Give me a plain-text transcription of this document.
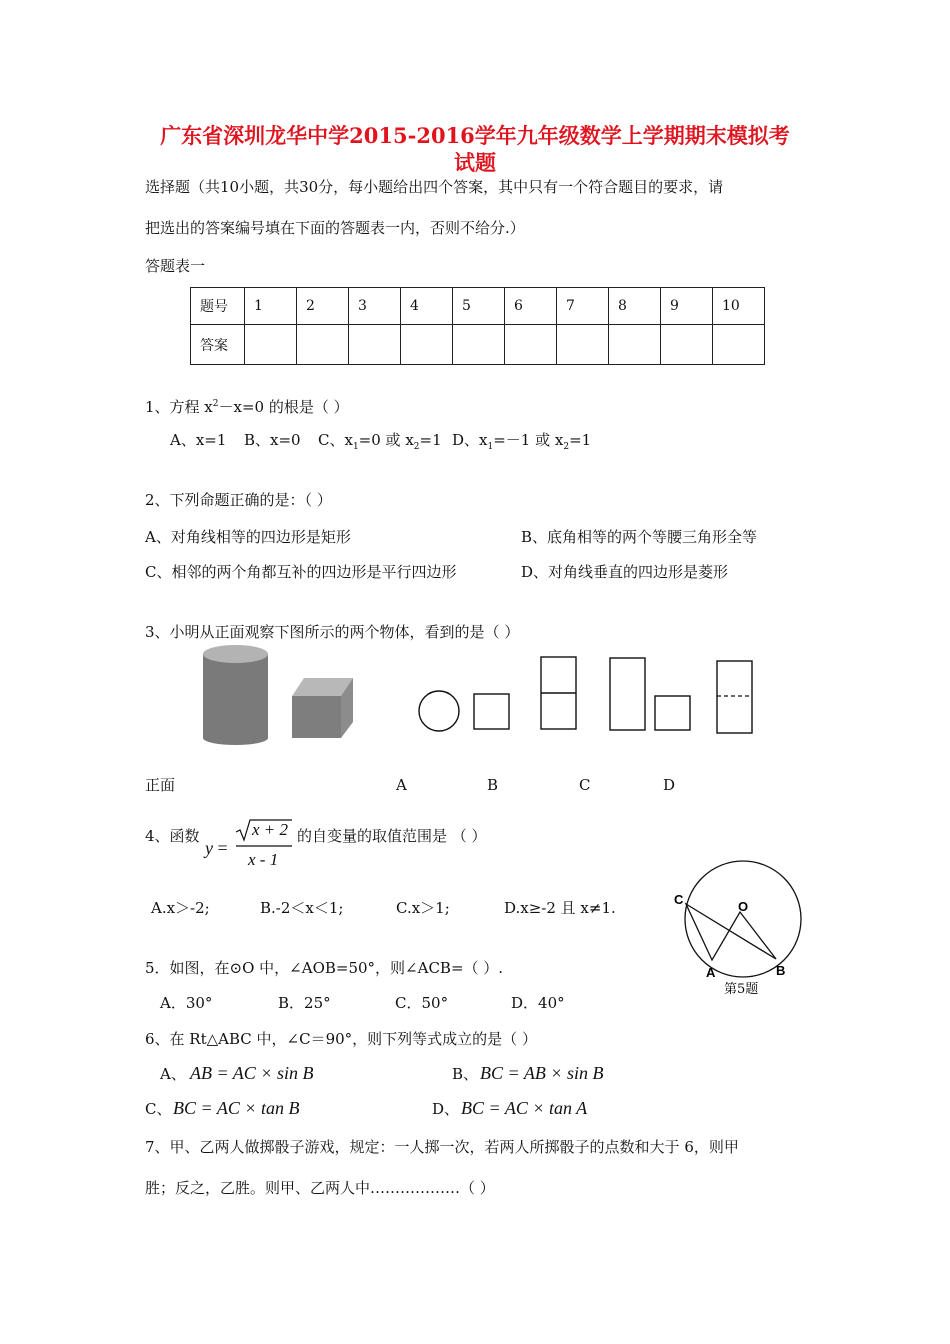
广东省深圳龙华中学2015-2016学年九年级数学上学期期末模拟考
试题
选择题（共10小题，共30分，每小题给出四个答案，其中只有一个符合题目的要求，请
把选出的答案编号填在下面的答题表一内，否则不给分.）
答题表一
题号	1	2	3	4	5	6	7	8	9	10
答案										
1、方程 $x^2-x=0$ 的根是（ ）
A、x=1 B、x=0 C、$x_1=0$ 或 $x_2=1$ D、$x_1=-1$ 或 $x_2=1$
2、下列命题正确的是：（ ）
A、对角线相等的四边形是矩形	B、底角相等的两个等腰三角形全等
C、相邻的两个角都互补的四边形是平行四边形	D、对角线垂直的四边形是菱形
3、小明从正面观察下图所示的两个物体，看到的是（ ）
正面	A	B	C	D
4、函数
y =
x + 2
x - 1
的自变量的取值范围是 （ ）
A.x＞-2;	B.-2＜x＜1;	C.x＞1;	D.x≥-2 且 x≠1.	C	O
A	B
第5题
5．如图，在⊙O 中，∠AOB=50°，则∠ACB=（ ）.
A．30°	B．25°	C．50°	D．40°
6、在 Rt△ABC 中，∠C＝90°，则下列等式成立的是（ ）
A、 AB = AC × sin B	B、 BC = AB × sin B
C、 BC = AC × tan B	D、 BC = AC × tan A
7、甲、乙两人做掷骰子游戏，规定：一人掷一次，若两人所掷骰子的点数和大于 6，则甲
胜；反之，乙胜。则甲、乙两人中………………（ ）
